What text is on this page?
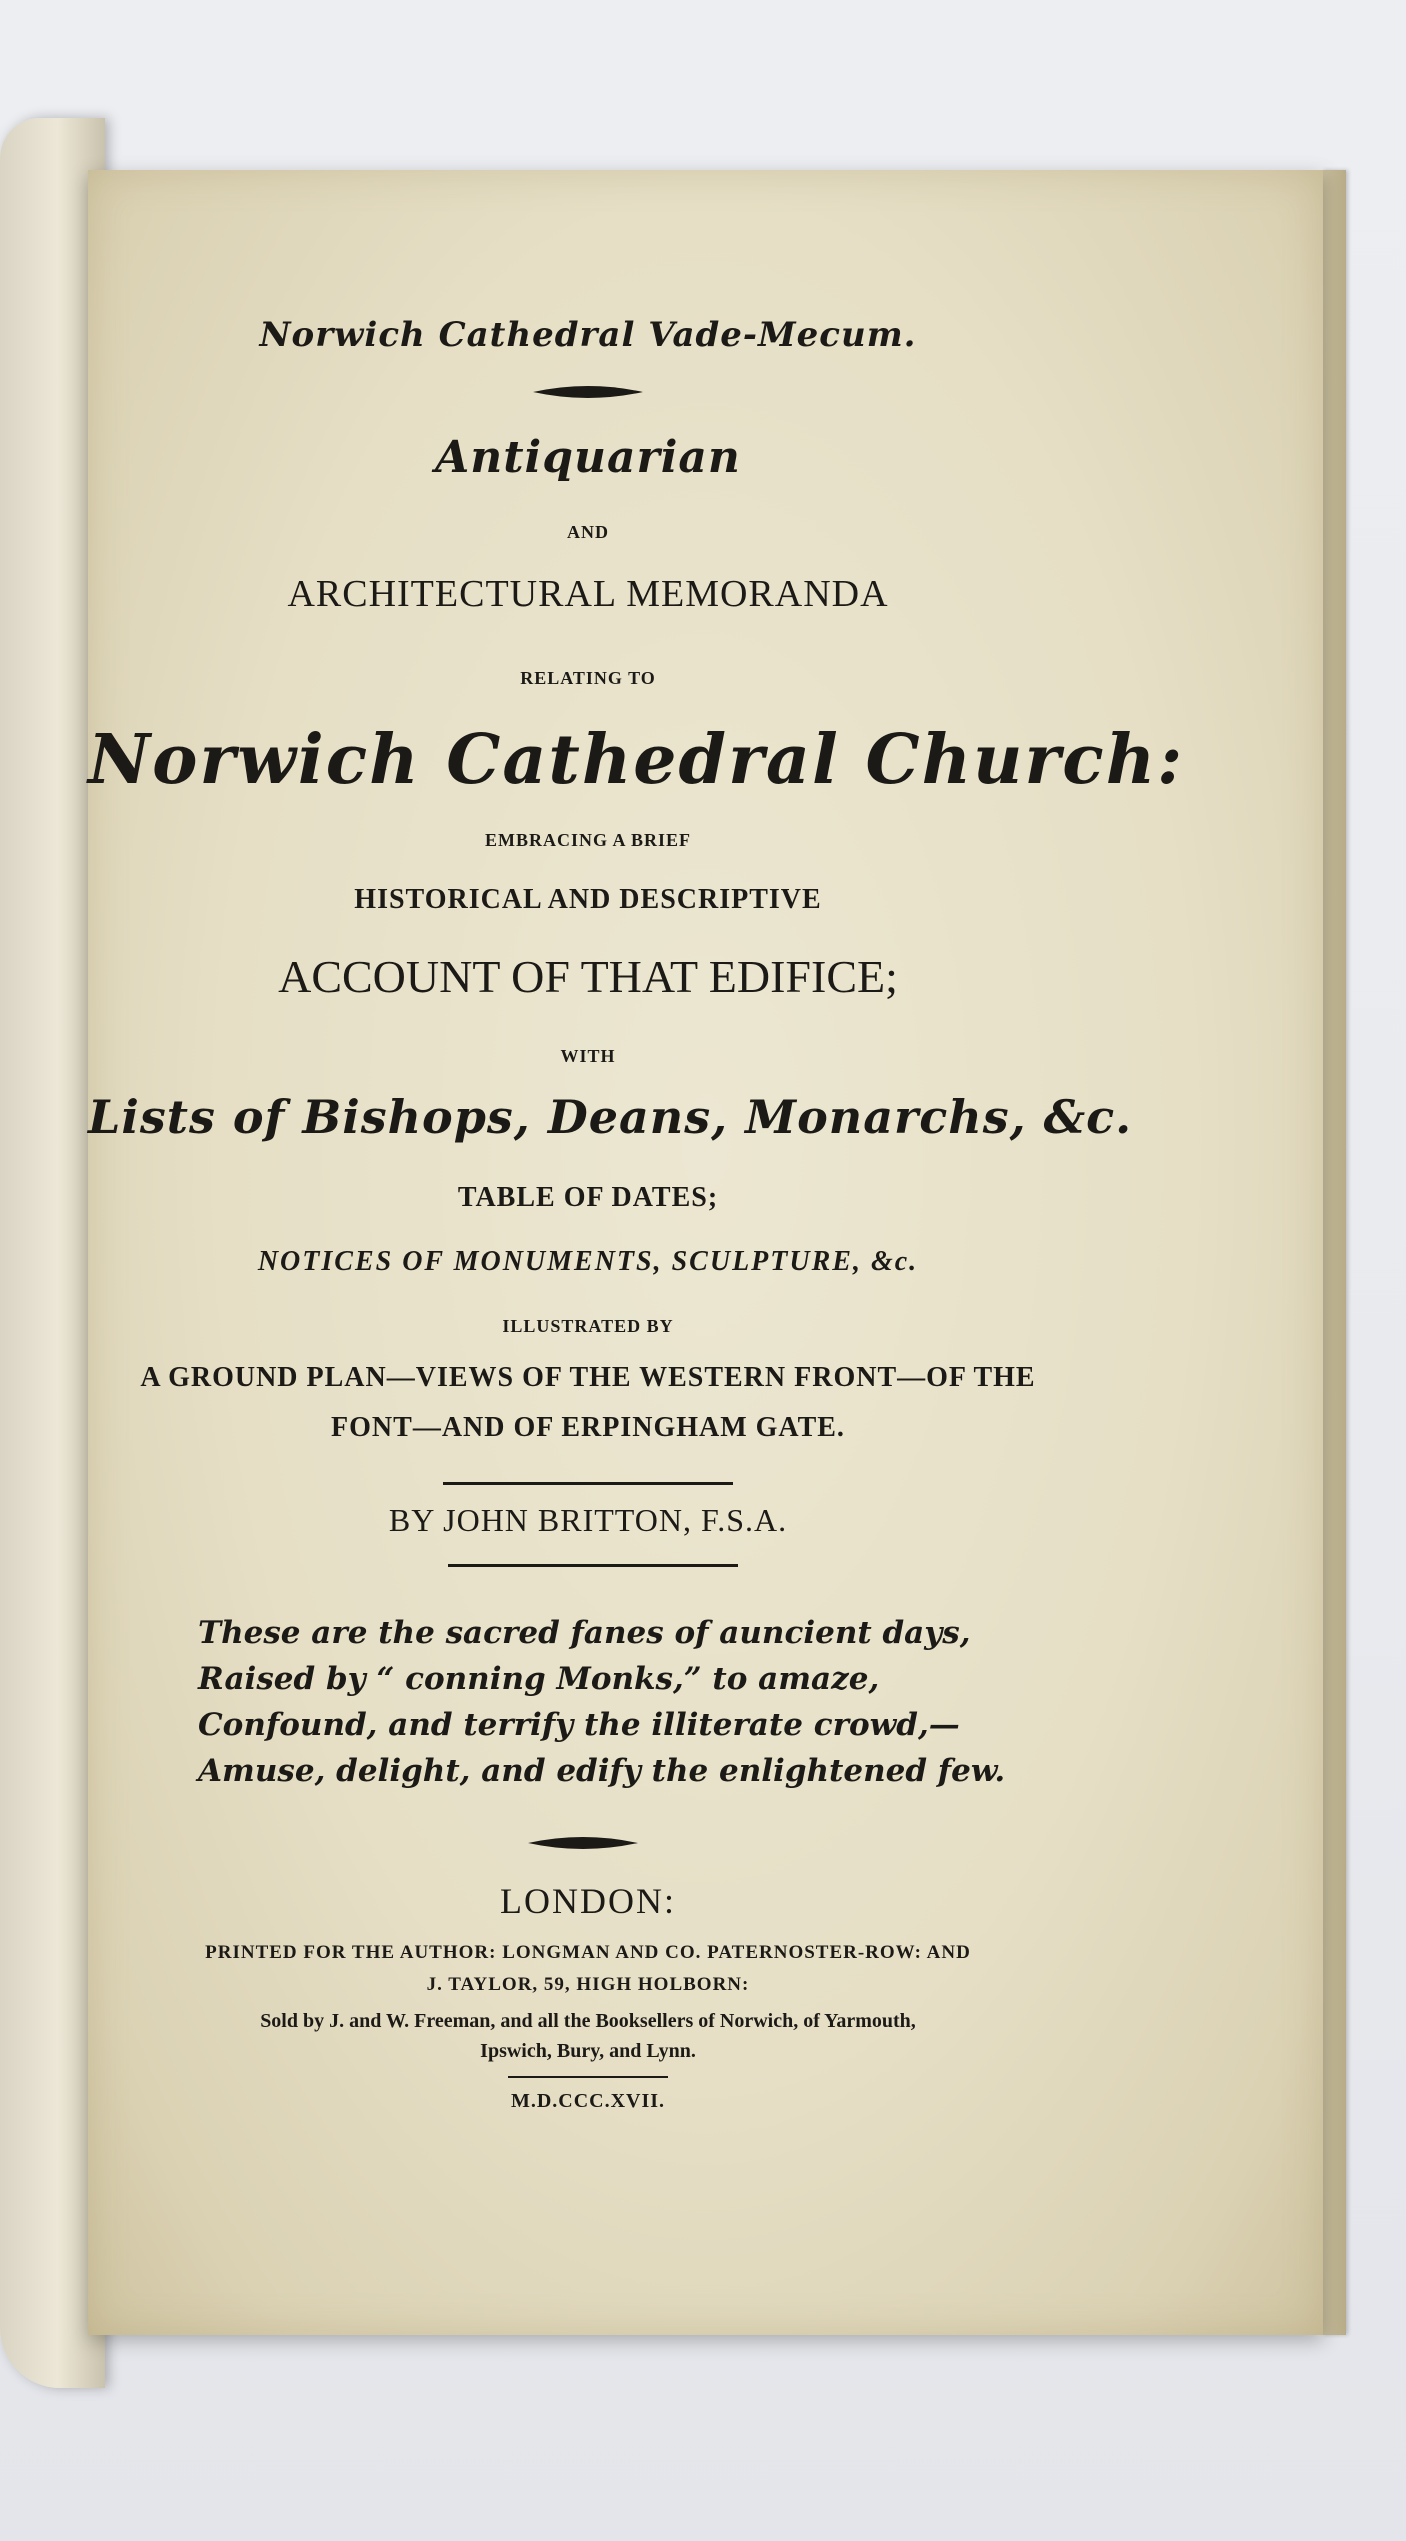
Norwich Cathedral Vade-Mecum.
Antiquarian
AND
ARCHITECTURAL MEMORANDA
RELATING TO
Norwich Cathedral Church:
EMBRACING A BRIEF
HISTORICAL AND DESCRIPTIVE
ACCOUNT OF THAT EDIFICE;
WITH
Lists of Bishops, Deans, Monarchs, &c.
TABLE OF DATES;
NOTICES OF MONUMENTS, SCULPTURE, &c.
ILLUSTRATED BY
A GROUND PLAN—VIEWS OF THE WESTERN FRONT—OF THE
FONT—AND OF ERPINGHAM GATE.
BY JOHN BRITTON, F.S.A.
These are the sacred fanes of auncient days,
Raised by “ conning Monks,” to amaze,
Confound, and terrify the illiterate crowd,—
Amuse, delight, and edify the enlightened few.
LONDON:
PRINTED FOR THE AUTHOR: LONGMAN AND CO. PATERNOSTER-ROW: AND
J. TAYLOR, 59, HIGH HOLBORN:
Sold by J. and W. Freeman, and all the Booksellers of Norwich, of Yarmouth,
Ipswich, Bury, and Lynn.
M.D.CCC.XVII.
